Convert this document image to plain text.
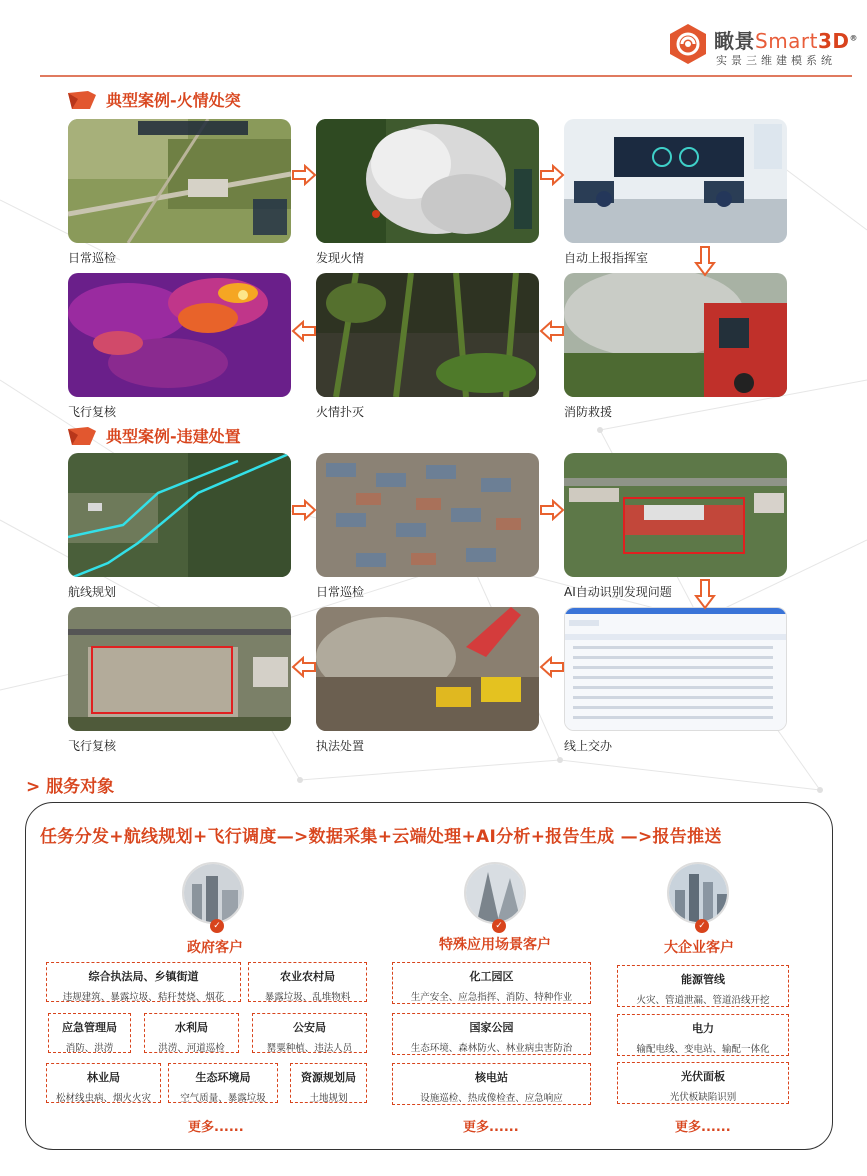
瞰景Smart3D®
实景三维建模系统
典型案例-火情处突
日常巡检	发现火情	自动上报指挥室
飞行复核	火情扑灭	消防救援
典型案例-违建处置
航线规划	日常巡检	AI自动识别发现问题
飞行复核	执法处置	线上交办
> 服务对象
任务分发+航线规划+飞行调度—>数据采集+云端处理+AI分析+报告生成 —>报告推送
✓	✓	✓
政府客户	特殊应用场景客户	大企业客户
综合执法局、乡镇街道
违规建筑、暴露垃圾、秸秆焚烧、烟花
农业农村局
暴露垃圾、乱堆物料
应急管理局
消防、洪涝
水利局
洪涝、河道巡检
公安局
罂粟种植、违法人员
林业局
松材线虫病、烟火火灾
生态环境局
空气质量、暴露垃圾
资源规划局
土地规划
更多......
化工园区
生产安全、应急指挥、消防、特种作业
国家公园
生态环境、森林防火、林业病虫害防治
核电站
设施巡检、热成像检查、应急响应
更多......
能源管线
火灾、管道泄漏、管道沿线开挖
电力
输配电线、变电站、输配一体化
光伏面板
光伏板缺陷识别
更多......
